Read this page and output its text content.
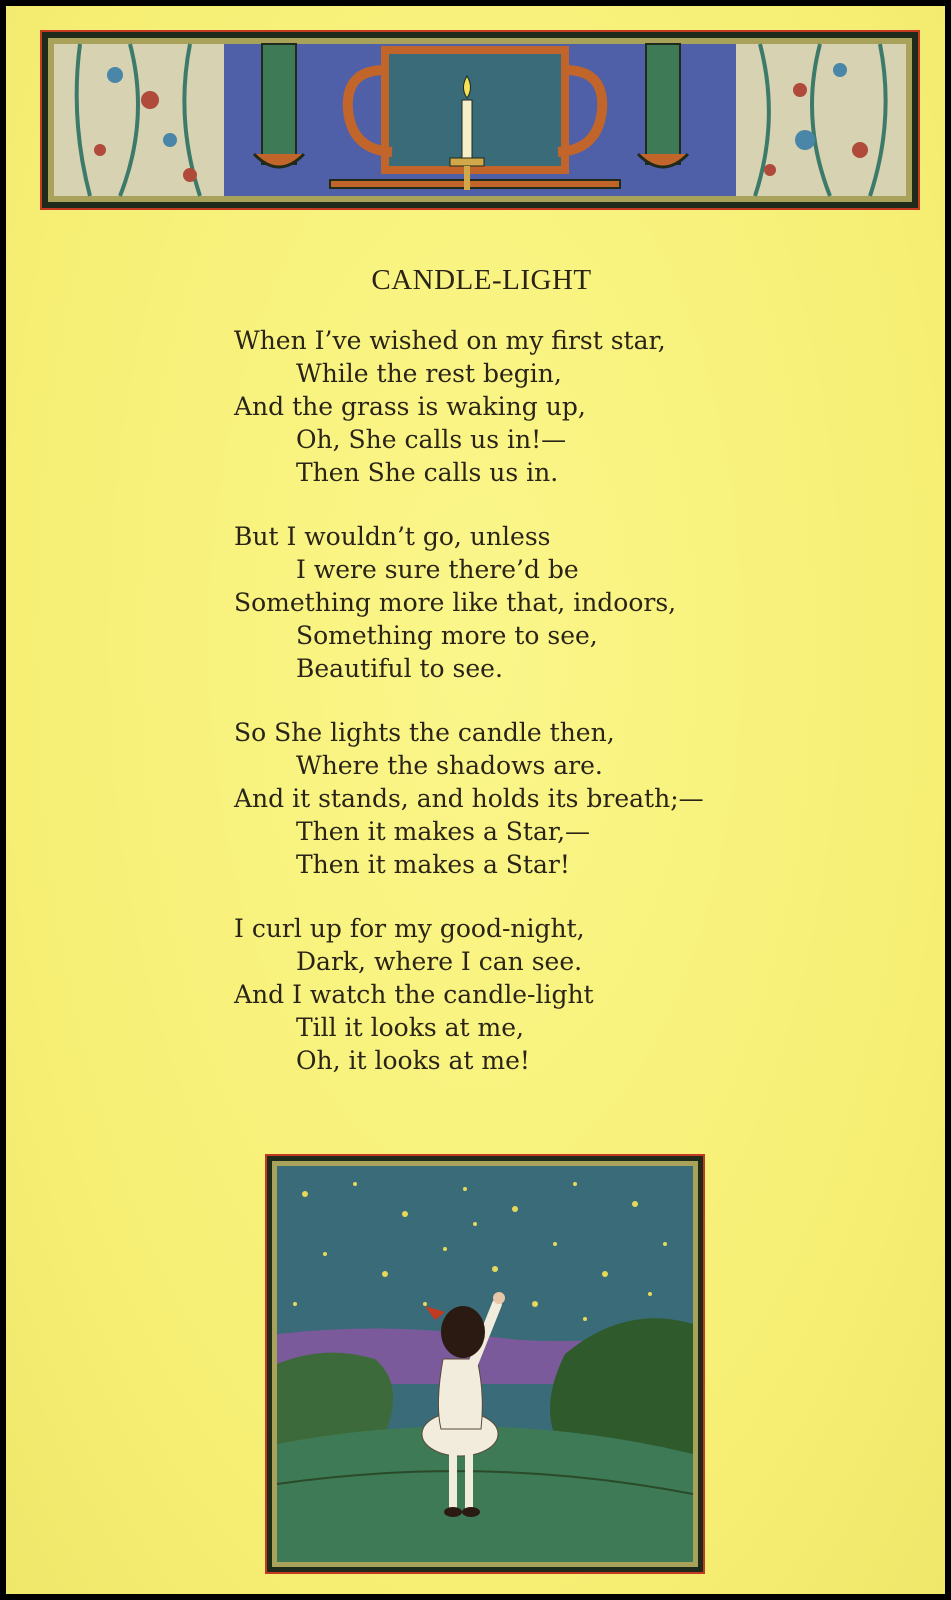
CANDLE-LIGHT
When I’ve wished on my first star,
While the rest begin,
And the grass is waking up,
Oh, She calls us in!—
Then She calls us in.
But I wouldn’t go, unless
I were sure there’d be
Something more like that, indoors,
Something more to see,
Beautiful to see.
So She lights the candle then,
Where the shadows are.
And it stands, and holds its breath;—
Then it makes a Star,—
Then it makes a Star!
I curl up for my good-night,
Dark, where I can see.
And I watch the candle-light
Till it looks at me,
Oh, it looks at me!
